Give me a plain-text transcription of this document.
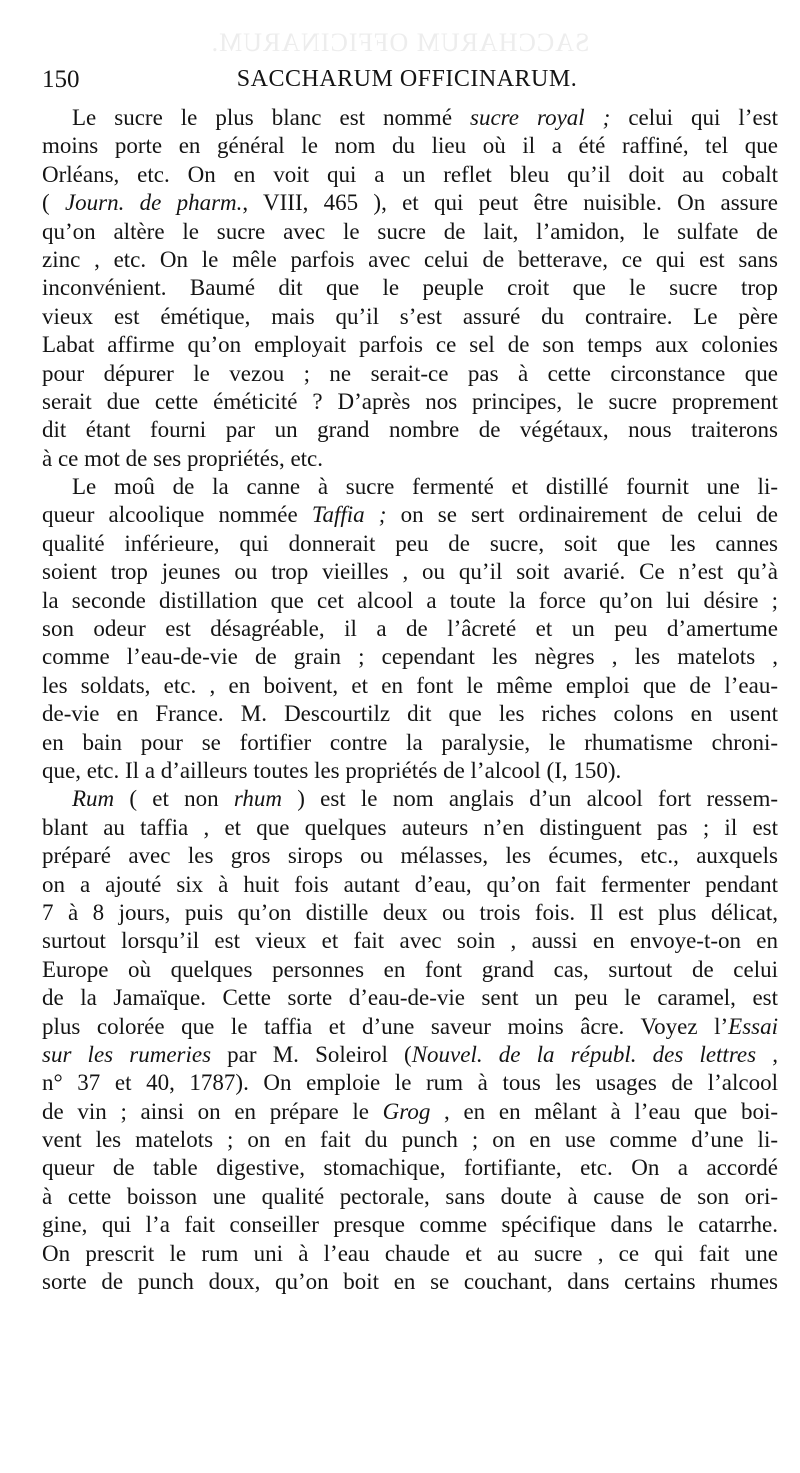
SACCHARUM OFFICINARUM.
150	SACCHARUM OFFICINARUM.
Le sucre le plus blanc est nommé sucre royal ; celui qui l’est
moins porte en général le nom du lieu où il a été raffiné, tel que
Orléans, etc. On en voit qui a un reflet bleu qu’il doit au cobalt
( Journ. de pharm., VIII, 465 ), et qui peut être nuisible. On assure
qu’on altère le sucre avec le sucre de lait, l’amidon, le sulfate de
zinc , etc. On le mêle parfois avec celui de betterave, ce qui est sans
inconvénient. Baumé dit que le peuple croit que le sucre trop
vieux est émétique, mais qu’il s’est assuré du contraire. Le père
Labat affirme qu’on employait parfois ce sel de son temps aux colonies
pour dépurer le vezou ; ne serait-ce pas à cette circonstance que
serait due cette éméticité ? D’après nos principes, le sucre proprement
dit étant fourni par un grand nombre de végétaux, nous traiterons
à ce mot de ses propriétés, etc.
Le moû de la canne à sucre fermenté et distillé fournit une li-
queur alcoolique nommée Taffia ; on se sert ordinairement de celui de
qualité inférieure, qui donnerait peu de sucre, soit que les cannes
soient trop jeunes ou trop vieilles , ou qu’il soit avarié. Ce n’est qu’à
la seconde distillation que cet alcool a toute la force qu’on lui désire ;
son odeur est désagréable, il a de l’âcreté et un peu d’amertume
comme l’eau-de-vie de grain ; cependant les nègres , les matelots ,
les soldats, etc. , en boivent, et en font le même emploi que de l’eau-
de-vie en France. M. Descourtilz dit que les riches colons en usent
en bain pour se fortifier contre la paralysie, le rhumatisme chroni-
que, etc. Il a d’ailleurs toutes les propriétés de l’alcool (I, 150).
Rum ( et non rhum ) est le nom anglais d’un alcool fort ressem-
blant au taffia , et que quelques auteurs n’en distinguent pas ; il est
préparé avec les gros sirops ou mélasses, les écumes, etc., auxquels
on a ajouté six à huit fois autant d’eau, qu’on fait fermenter pendant
7 à 8 jours, puis qu’on distille deux ou trois fois. Il est plus délicat,
surtout lorsqu’il est vieux et fait avec soin , aussi en envoye-t-on en
Europe où quelques personnes en font grand cas, surtout de celui
de la Jamaïque. Cette sorte d’eau-de-vie sent un peu le caramel, est
plus colorée que le taffia et d’une saveur moins âcre. Voyez l’Essai
sur les rumeries par M. Soleirol (Nouvel. de la républ. des lettres ,
n° 37 et 40, 1787). On emploie le rum à tous les usages de l’alcool
de vin ; ainsi on en prépare le Grog , en en mêlant à l’eau que boi-
vent les matelots ; on en fait du punch ; on en use comme d’une li-
queur de table digestive, stomachique, fortifiante, etc. On a accordé
à cette boisson une qualité pectorale, sans doute à cause de son ori-
gine, qui l’a fait conseiller presque comme spécifique dans le catarrhe.
On prescrit le rum uni à l’eau chaude et au sucre , ce qui fait une
sorte de punch doux, qu’on boit en se couchant, dans certains rhumes
